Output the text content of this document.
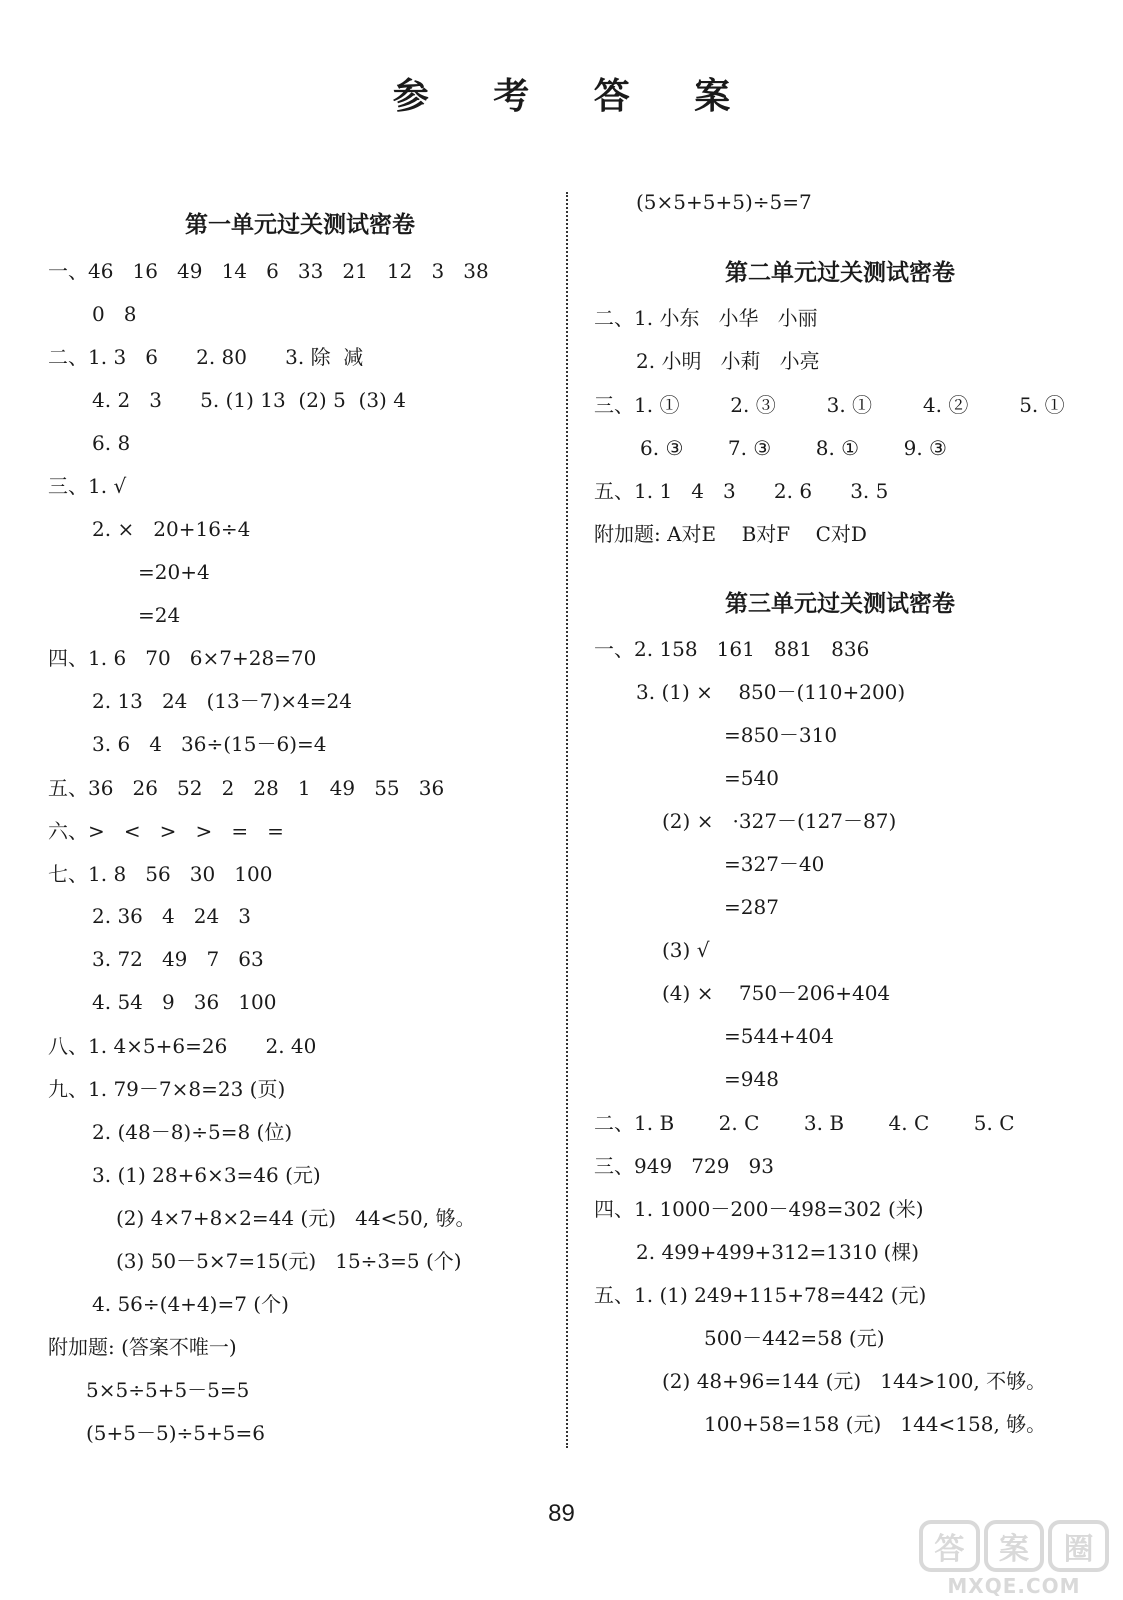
参 考 答 案
第一单元过关测试密卷
一、46   16   49   14   6   33   21   12   3   38
0   8
二、1. 3   6      2. 80      3. 除  减
4. 2   3      5. (1) 13  (2) 5  (3) 4
6. 8
三、1. √
2. ×   20+16÷4
=20+4
=24
四、1. 6   70   6×7+28=70
2. 13   24   (13－7)×4=24
3. 6   4   36÷(15－6)=4
五、36   26   52   2   28   1   49   55   36
六、>   <   >   >   =   =
七、1. 8   56   30   100
2. 36   4   24   3
3. 72   49   7   63
4. 54   9   36   100
八、1. 4×5+6=26      2. 40
九、1. 79－7×8=23 (页)
2. (48－8)÷5=8 (位)
3. (1) 28+6×3=46 (元)
(2) 4×7+8×2=44 (元)   44<50, 够。
(3) 50－5×7=15(元)   15÷3=5 (个)
4. 56÷(4+4)=7 (个)
附加题: (答案不唯一)
5×5÷5+5－5=5
(5+5－5)÷5+5=6
(5×5+5+5)÷5=7
第二单元过关测试密卷
二、1. 小东   小华   小丽
2. 小明   小莉   小亮
三、1. ①        2. ③        3. ①        4. ②        5. ①
6. ③       7. ③       8. ①       9. ③
五、1. 1   4   3      2. 6      3. 5
附加题: A对E    B对F    C对D
第三单元过关测试密卷
一、2. 158   161   881   836
3. (1) ×    850－(110+200)
=850－310
=540
(2) ×   ·327－(127－87)
=327－40
=287
(3) √
(4) ×    750－206+404
=544+404
=948
二、1. B       2. C       3. B       4. C       5. C
三、949   729   93
四、1. 1000－200－498=302 (米)
2. 499+499+312=1310 (棵)
五、1. (1) 249+115+78=442 (元)
500－442=58 (元)
(2) 48+96=144 (元)   144>100, 不够。
100+58=158 (元)   144<158, 够。
89
答	案	圈
MXQE.COM
